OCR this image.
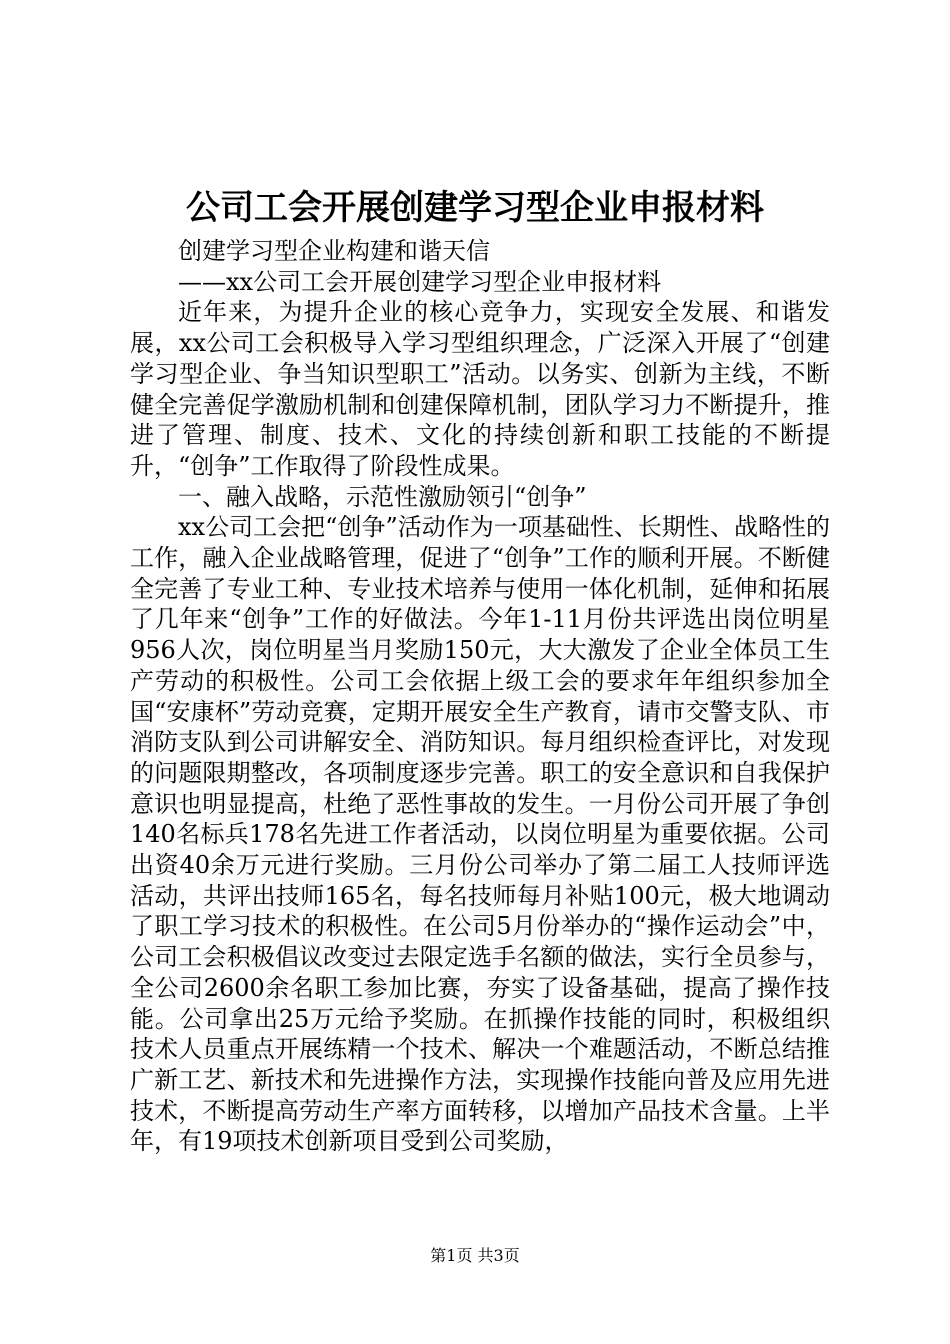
公司工会开展创建学习型企业申报材料

创建学习型企业构建和谐天信

——xx公司工会开展创建学习型企业申报材料

近年来，为提升企业的核心竞争力，实现安全发展、和谐发展，xx公司工会积极导入学习型组织理念，广泛深入开展了“创建学习型企业、争当知识型职工”活动。以务实、创新为主线，不断健全完善促学激励机制和创建保障机制，团队学习力不断提升，推进了管理、制度、技术、文化的持续创新和职工技能的不断提升，“创争”工作取得了阶段性成果。

一、融入战略，示范性激励领引“创争”

xx公司工会把“创争”活动作为一项基础性、长期性、战略性的工作，融入企业战略管理，促进了“创争”工作的顺利开展。不断健全完善了专业工种、专业技术培养与使用一体化机制，延伸和拓展了几年来“创争”工作的好做法。今年1-11月份共评选出岗位明星956人次，岗位明星当月奖励150元，大大激发了企业全体员工生产劳动的积极性。公司工会依据上级工会的要求年年组织参加全国“安康杯”劳动竞赛，定期开展安全生产教育，请市交警支队、市消防支队到公司讲解安全、消防知识。每月组织检查评比，对发现的问题限期整改，各项制度逐步完善。职工的安全意识和自我保护意识也明显提高，杜绝了恶性事故的发生。一月份公司开展了争创140名标兵178名先进工作者活动，以岗位明星为重要依据。公司出资40余万元进行奖励。三月份公司举办了第二届工人技师评选活动，共评出技师165名，每名技师每月补贴100元，极大地调动了职工学习技术的积极性。在公司5月份举办的“操作运动会”中，公司工会积极倡议改变过去限定选手名额的做法，实行全员参与，全公司2600余名职工参加比赛，夯实了设备基础，提高了操作技能。公司拿出25万元给予奖励。在抓操作技能的同时，积极组织技术人员重点开展练精一个技术、解决一个难题活动，不断总结推广新工艺、新技术和先进操作方法，实现操作技能向普及应用先进技术，不断提高劳动生产率方面转移，以增加产品技术含量。上半年，有19项技术创新项目受到公司奖励，

第1页 共3页
